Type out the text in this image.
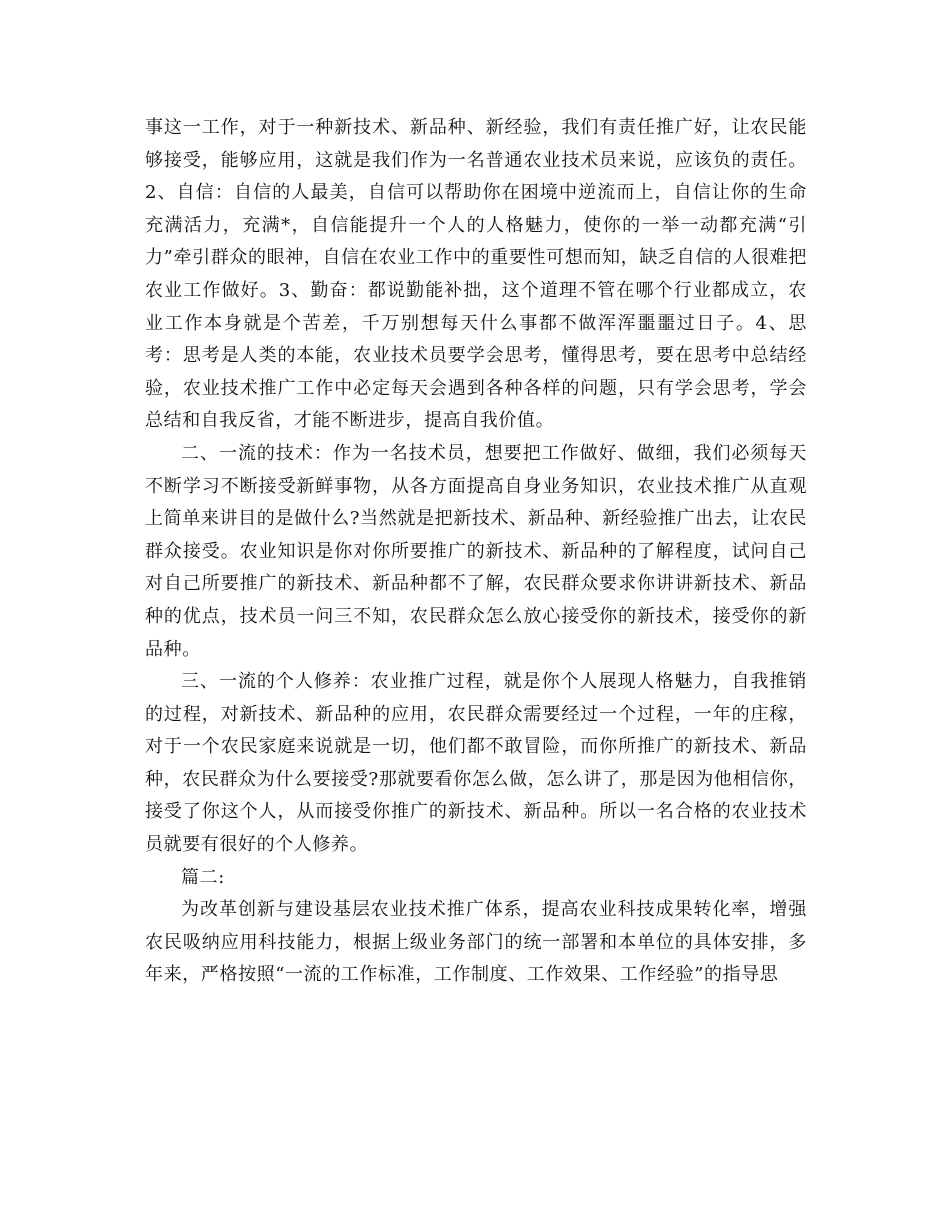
事这一工作，对于一种新技术、新品种、新经验，我们有责任推广好，让农民能够接受，能够应用，这就是我们作为一名普通农业技术员来说，应该负的责任。2、自信：自信的人最美，自信可以帮助你在困境中逆流而上，自信让你的生命充满活力，充满*，自信能提升一个人的人格魅力，使你的一举一动都充满“引力”牵引群众的眼神，自信在农业工作中的重要性可想而知，缺乏自信的人很难把农业工作做好。3、勤奋：都说勤能补拙，这个道理不管在哪个行业都成立，农业工作本身就是个苦差，千万别想每天什么事都不做浑浑噩噩过日子。4、思考：思考是人类的本能，农业技术员要学会思考，懂得思考，要在思考中总结经验，农业技术推广工作中必定每天会遇到各种各样的问题，只有学会思考，学会总结和自我反省，才能不断进步，提高自我价值。

二、一流的技术：作为一名技术员，想要把工作做好、做细，我们必须每天不断学习不断接受新鲜事物，从各方面提高自身业务知识，农业技术推广从直观上简单来讲目的是做什么?当然就是把新技术、新品种、新经验推广出去，让农民群众接受。农业知识是你对你所要推广的新技术、新品种的了解程度，试问自己对自己所要推广的新技术、新品种都不了解，农民群众要求你讲讲新技术、新品种的优点，技术员一问三不知，农民群众怎么放心接受你的新技术，接受你的新品种。

三、一流的个人修养：农业推广过程，就是你个人展现人格魅力，自我推销的过程，对新技术、新品种的应用，农民群众需要经过一个过程，一年的庄稼，对于一个农民家庭来说就是一切，他们都不敢冒险，而你所推广的新技术、新品种，农民群众为什么要接受?那就要看你怎么做，怎么讲了，那是因为他相信你，接受了你这个人，从而接受你推广的新技术、新品种。所以一名合格的农业技术员就要有很好的个人修养。

篇二:

为改革创新与建设基层农业技术推广体系，提高农业科技成果转化率，增强农民吸纳应用科技能力，根据上级业务部门的统一部署和本单位的具体安排，多年来，严格按照“一流的工作标准，工作制度、工作效果、工作经验”的指导思
